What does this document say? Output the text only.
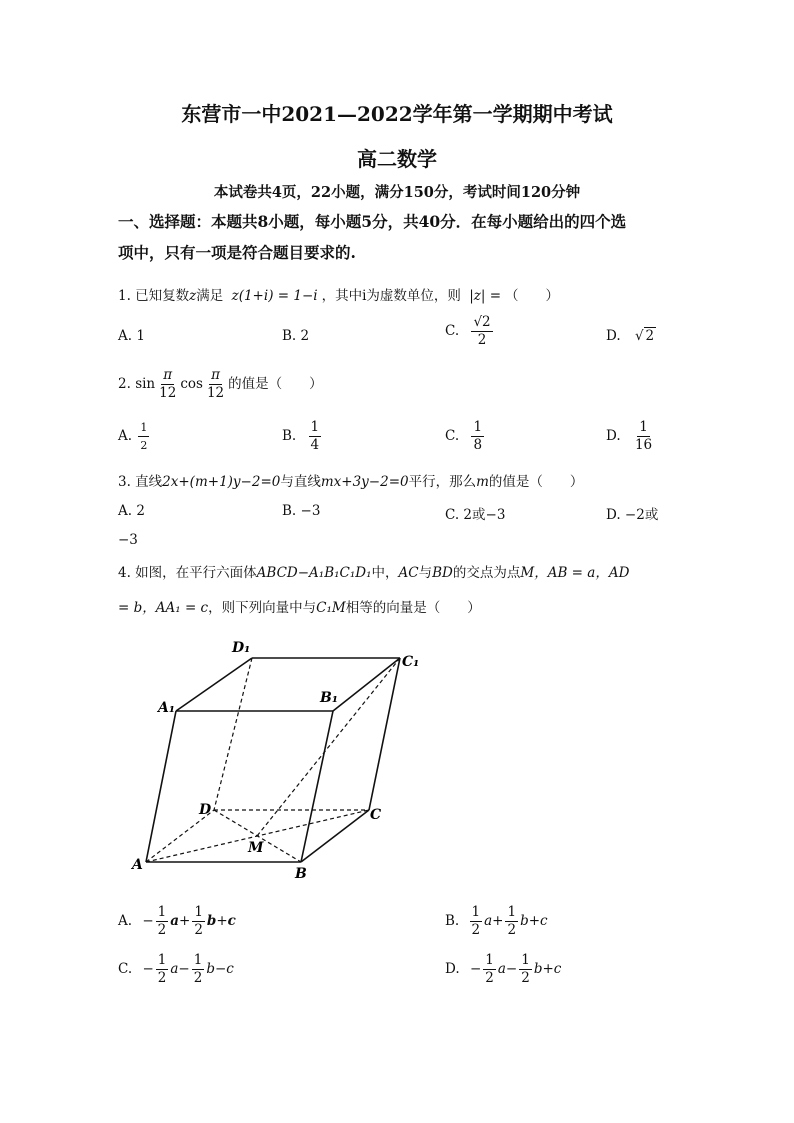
东营市一中2021—2022学年第一学期期中考试
高二数学
本试卷共4页，22小题，满分150分，考试时间120分钟
一、选择题：本题共8小题，每小题5分，共40分．在每小题给出的四个选
项中，只有一项是符合题目要求的.
1. 已知复数z满足 z(1+i) = 1−i ，其中i为虚数单位，则 |z| = （　　）
A. 1	B. 2	C. $\frac{√2}{2}$	D. √ 2
2. $\sin \frac{\pi}{12}$ $\cos \frac{\pi}{12}$ 的值是（　　）
A. $\frac{1}{2}$	B. $\frac{1}{4}$	C. $\frac{1}{8}$	D. $\frac{1}{16}$
3. 直线2x+(m+1)y−2=0与直线mx+3y−2=0平行，那么m的值是（　　）
A. 2	B. −3	C. 2或−3	D. −2或
−3
4. 如图，在平行六面体ABCD−A₁B₁C₁D₁中，AC与BD的交点为点M，AB = a，AD
= b，AA₁ = c，则下列向量中与C₁M相等的向量是（　　）
D₁
C₁
B₁
A₁
D	C
M
A
B
A. − $\frac{1}{2} a+ \frac{1}{2} b+c$	B. $\frac{1}{2} a+ \frac{1}{2} b+c$
C. − $\frac{1}{2} a- \frac{1}{2} b-c$	D. − $\frac{1}{2} a- \frac{1}{2} b+c$
